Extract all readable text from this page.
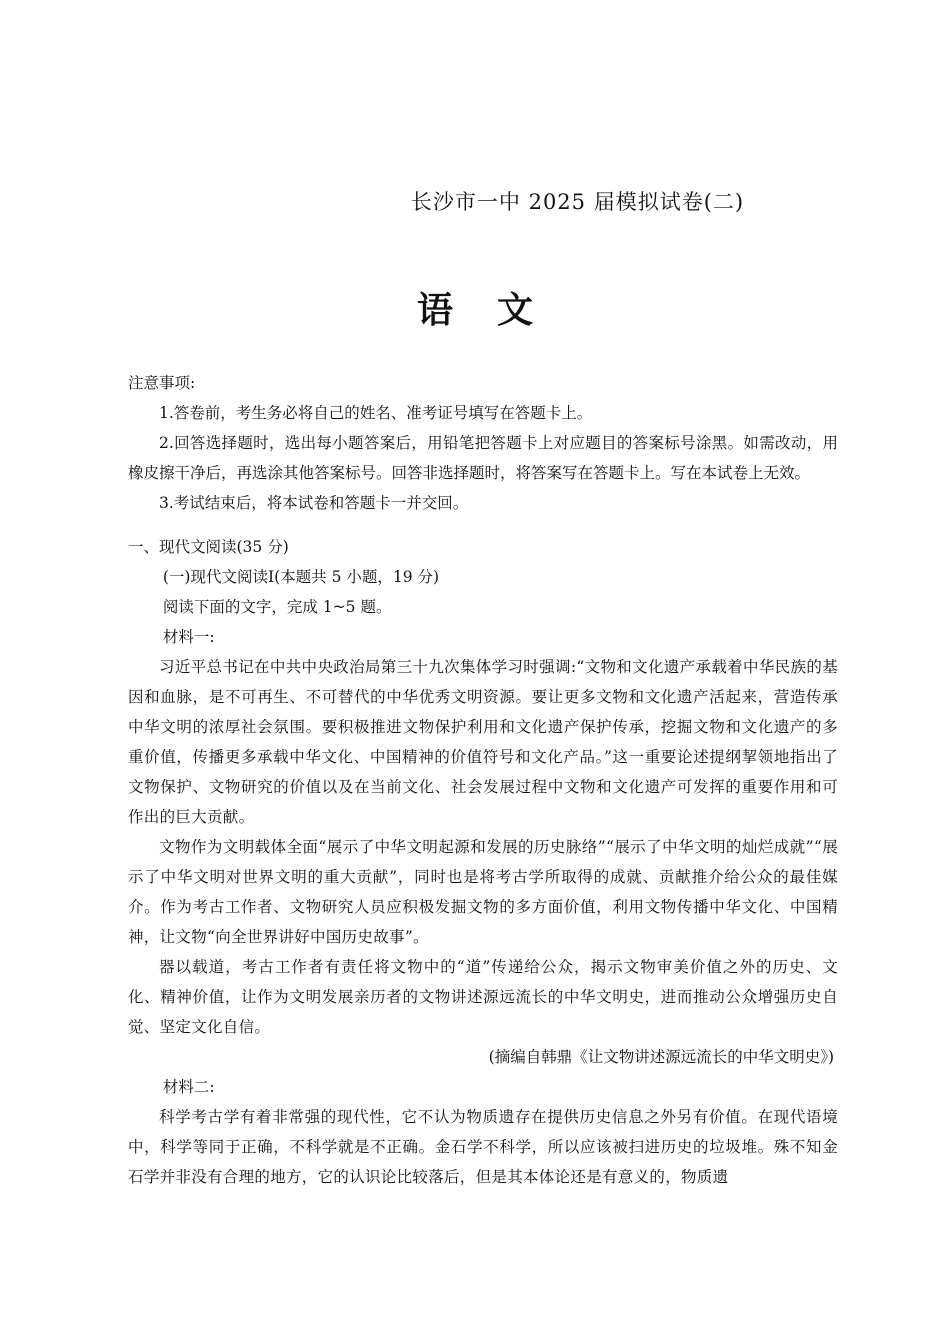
长沙市一中 2025 届模拟试卷(二)
语文
注意事项:

1.答卷前，考生务必将自己的姓名、准考证号填写在答题卡上。

2.回答选择题时，选出每小题答案后，用铅笔把答题卡上对应题目的答案标号涂黑。如需改动，用橡皮擦干净后，再选涂其他答案标号。回答非选择题时，将答案写在答题卡上。写在本试卷上无效。

3.考试结束后，将本试卷和答题卡一并交回。

一、现代文阅读(35 分)
(一)现代文阅读Ⅰ(本题共 5 小题，19 分)
阅读下面的文字，完成 1~5 题。
材料一:

习近平总书记在中共中央政治局第三十九次集体学习时强调:“文物和文化遗产承载着中华民族的基因和血脉，是不可再生、不可替代的中华优秀文明资源。要让更多文物和文化遗产活起来，营造传承中华文明的浓厚社会氛围。要积极推进文物保护利用和文化遗产保护传承，挖掘文物和文化遗产的多重价值，传播更多承载中华文化、中国精神的价值符号和文化产品。”这一重要论述提纲挈领地指出了文物保护、文物研究的价值以及在当前文化、社会发展过程中文物和文化遗产可发挥的重要作用和可作出的巨大贡献。

文物作为文明载体全面“展示了中华文明起源和发展的历史脉络”“展示了中华文明的灿烂成就”“展示了中华文明对世界文明的重大贡献”，同时也是将考古学所取得的成就、贡献推介给公众的最佳媒介。作为考古工作者、文物研究人员应积极发掘文物的多方面价值，利用文物传播中华文化、中国精神，让文物“向全世界讲好中国历史故事”。

器以载道，考古工作者有责任将文物中的“道”传递给公众，揭示文物审美价值之外的历史、文化、精神价值，让作为文明发展亲历者的文物讲述源远流长的中华文明史，进而推动公众增强历史自觉、坚定文化自信。

(摘编自韩鼎《让文物讲述源远流长的中华文明史》)
材料二:

科学考古学有着非常强的现代性，它不认为物质遗存在提供历史信息之外另有价值。在现代语境中，科学等同于正确，不科学就是不正确。金石学不科学，所以应该被扫进历史的垃圾堆。殊不知金石学并非没有合理的地方，它的认识论比较落后，但是其本体论还是有意义的，物质遗
